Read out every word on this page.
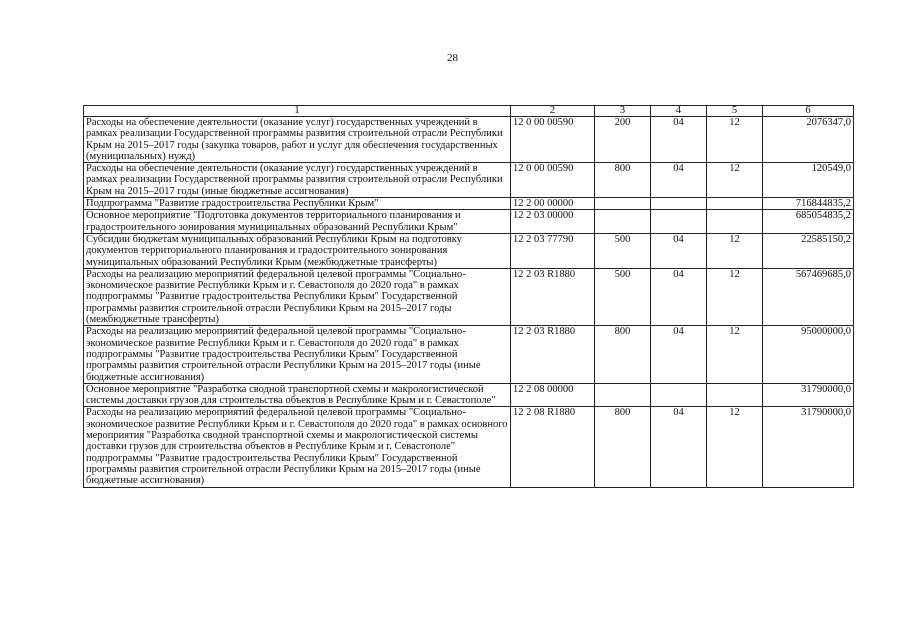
28
1	2	3	4	5	6
Расходы на обеспечение деятельности (оказание услуг) государственных учреждений в рамках реализации Государственной программы развития строительной отрасли Республики Крым на 2015–2017 годы (закупка товаров, работ и услуг для обеспечения государственных (муниципальных) нужд)	12 0 00 00590	200	04	12	2076347,0
Расходы на обеспечение деятельности (оказание услуг) государственных учреждений в рамках реализации Государственной программы развития строительной отрасли Республики Крым на 2015–2017 годы (иные бюджетные ассигнования)	12 0 00 00590	800	04	12	120549,0
Подпрограмма "Развитие градостроительства Республики Крым"	12 2 00 00000				716844835,2
Основное мероприятие "Подготовка документов территориального планирования и градостроительного зонирования муниципальных образований Республики Крым"	12 2 03 00000				685054835,2
Субсидии бюджетам муниципальных образований Республики Крым на подготовку документов территориального планирования и градостроительного зонирования муниципальных образований Республики Крым (межбюджетные трансферты)	12 2 03 77790	500	04	12	22585150,2
Расходы на реализацию мероприятий федеральной целевой программы "Социально-экономическое развитие Республики Крым и г. Севастополя до 2020 года" в рамках подпрограммы "Развитие градостроительства Республики Крым" Государственной программы развития строительной отрасли Республики Крым на 2015–2017 годы (межбюджетные трансферты)	12 2 03 R1880	500	04	12	567469685,0
Расходы на реализацию мероприятий федеральной целевой программы "Социально-экономическое развитие Республики Крым и г. Севастополя до 2020 года" в рамках подпрограммы "Развитие градостроительства Республики Крым" Государственной программы развития строительной отрасли Республики Крым на 2015–2017 годы (иные бюджетные ассигнования)	12 2 03 R1880	800	04	12	95000000,0
Основное мероприятие "Разработка сводной транспортной схемы и макрологистической системы доставки грузов для строительства объектов в Республике Крым и г. Севастополе"	12 2 08 00000				31790000,0
Расходы на реализацию мероприятий федеральной целевой программы "Социально-экономическое развитие Республики Крым и г. Севастополя до 2020 года" в рамках основного мероприятия "Разработка сводной транспортной схемы и макрологистической системы доставки грузов для строительства объектов в Республике Крым и г. Севастополе" подпрограммы "Развитие градостроительства Республики Крым" Государственной программы развития строительной отрасли Республики Крым на 2015–2017 годы (иные бюджетные ассигнования)	12 2 08 R1880	800	04	12	31790000,0
